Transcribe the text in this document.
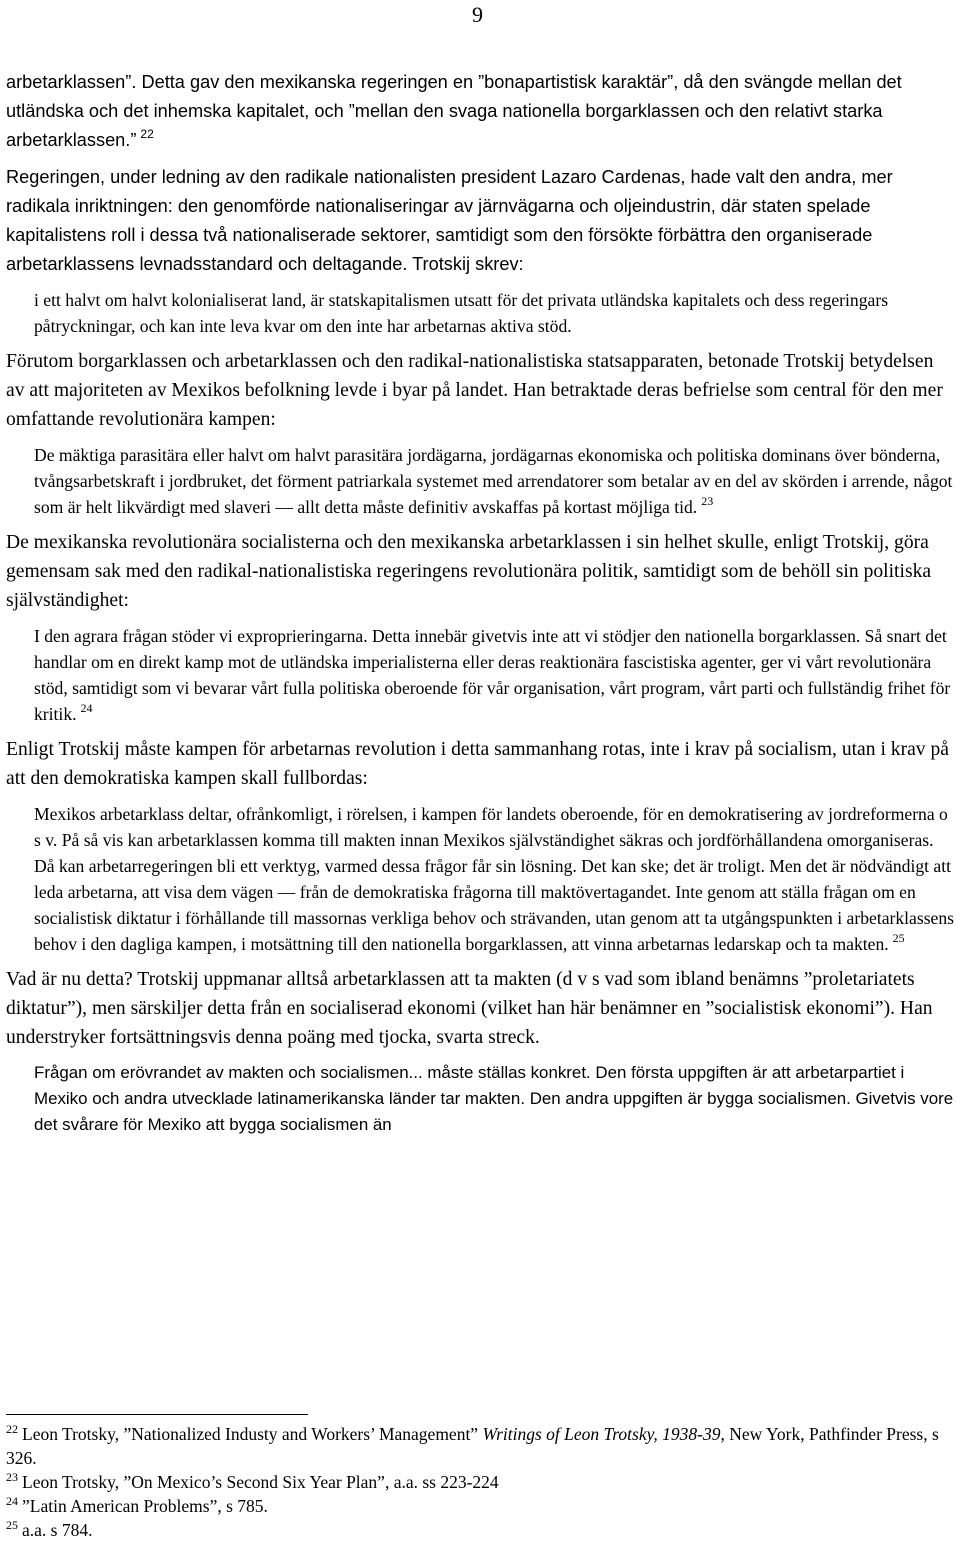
9

arbetarklassen”. Detta gav den mexikanska regeringen en ”bonapartistisk karaktär”, då den svängde mellan det utländska och det inhemska kapitalet, och ”mellan den svaga nationella borgarklassen och den relativt starka arbetarklassen.” $^{22}$

Regeringen, under ledning av den radikale nationalisten president Lazaro Cardenas, hade valt den andra, mer radikala inriktningen: den genomförde nationaliseringar av järnvägarna och oljeindustrin, där staten spelade kapitalistens roll i dessa två nationaliserade sektorer, samtidigt som den försökte förbättra den organiserade arbetarklassens levnadsstandard och deltagande. Trotskij skrev:

i ett halvt om halvt kolonialiserat land, är statskapitalismen utsatt för det privata utländska kapitalets och dess regeringars påtryckningar, och kan inte leva kvar om den inte har arbetarnas aktiva stöd.

Förutom borgarklassen och arbetarklassen och den radikal-nationalistiska statsapparaten, betonade Trotskij betydelsen av att majoriteten av Mexikos befolkning levde i byar på landet. Han betraktade deras befrielse som central för den mer omfattande revolutionära kampen:

De mäktiga parasitära eller halvt om halvt parasitära jordägarna, jordägarnas ekonomiska och politiska dominans över bönderna, tvångsarbetskraft i jordbruket, det förment patriarkala systemet med arrendatorer som betalar av en del av skörden i arrende, något som är helt likvärdigt med slaveri — allt detta måste definitiv avskaffas på kortast möjliga tid. $^{23}$

De mexikanska revolutionära socialisterna och den mexikanska arbetarklassen i sin helhet skulle, enligt Trotskij, göra gemensam sak med den radikal-nationalistiska regeringens revolutionära politik, samtidigt som de behöll sin politiska självständighet:

I den agrara frågan stöder vi exproprieringarna. Detta innebär givetvis inte att vi stödjer den nationella borgarklassen. Så snart det handlar om en direkt kamp mot de utländska imperialisterna eller deras reaktionära fascistiska agenter, ger vi vårt revolutionära stöd, samtidigt som vi bevarar vårt fulla politiska oberoende för vår organisation, vårt program, vårt parti och fullständig frihet för kritik. $^{24}$

Enligt Trotskij måste kampen för arbetarnas revolution i detta sammanhang rotas, inte i krav på socialism, utan i krav på att den demokratiska kampen skall fullbordas:

Mexikos arbetarklass deltar, ofrånkomligt, i rörelsen, i kampen för landets oberoende, för en demokratisering av jordreformerna o s v. På så vis kan arbetarklassen komma till makten innan Mexikos självständighet säkras och jordförhållandena omorganiseras. Då kan arbetarregeringen bli ett verktyg, varmed dessa frågor får sin lösning. Det kan ske; det är troligt. Men det är nödvändigt att leda arbetarna, att visa dem vägen — från de demokratiska frågorna till maktövertagandet. Inte genom att ställa frågan om en socialistisk diktatur i förhållande till massornas verkliga behov och strävanden, utan genom att ta utgångspunkten i arbetarklassens behov i den dagliga kampen, i motsättning till den nationella borgarklassen, att vinna arbetarnas ledarskap och ta makten. $^{25}$

Vad är nu detta? Trotskij uppmanar alltså arbetarklassen att ta makten (d v s vad som ibland benämns ”proletariatets diktatur”), men särskiljer detta från en socialiserad ekonomi (vilket han här benämner en ”socialistisk ekonomi”). Han understryker fortsättningsvis denna poäng med tjocka, svarta streck.

Frågan om erövrandet av makten och socialismen... måste ställas konkret. Den första uppgiften är att arbetarpartiet i Mexiko och andra utvecklade latinamerikanska länder tar makten. Den andra uppgiften är bygga socialismen. Givetvis vore det svårare för Mexiko att bygga socialismen än

$^{22}$ Leon Trotsky, ”Nationalized Industy and Workers’ Management” Writings of Leon Trotsky, 1938-39, New York, Pathfinder Press, s 326.

$^{23}$ Leon Trotsky, ”On Mexico’s Second Six Year Plan”, a.a. ss 223-224

$^{24}$ ”Latin American Problems”, s 785.

$^{25}$ a.a. s 784.
